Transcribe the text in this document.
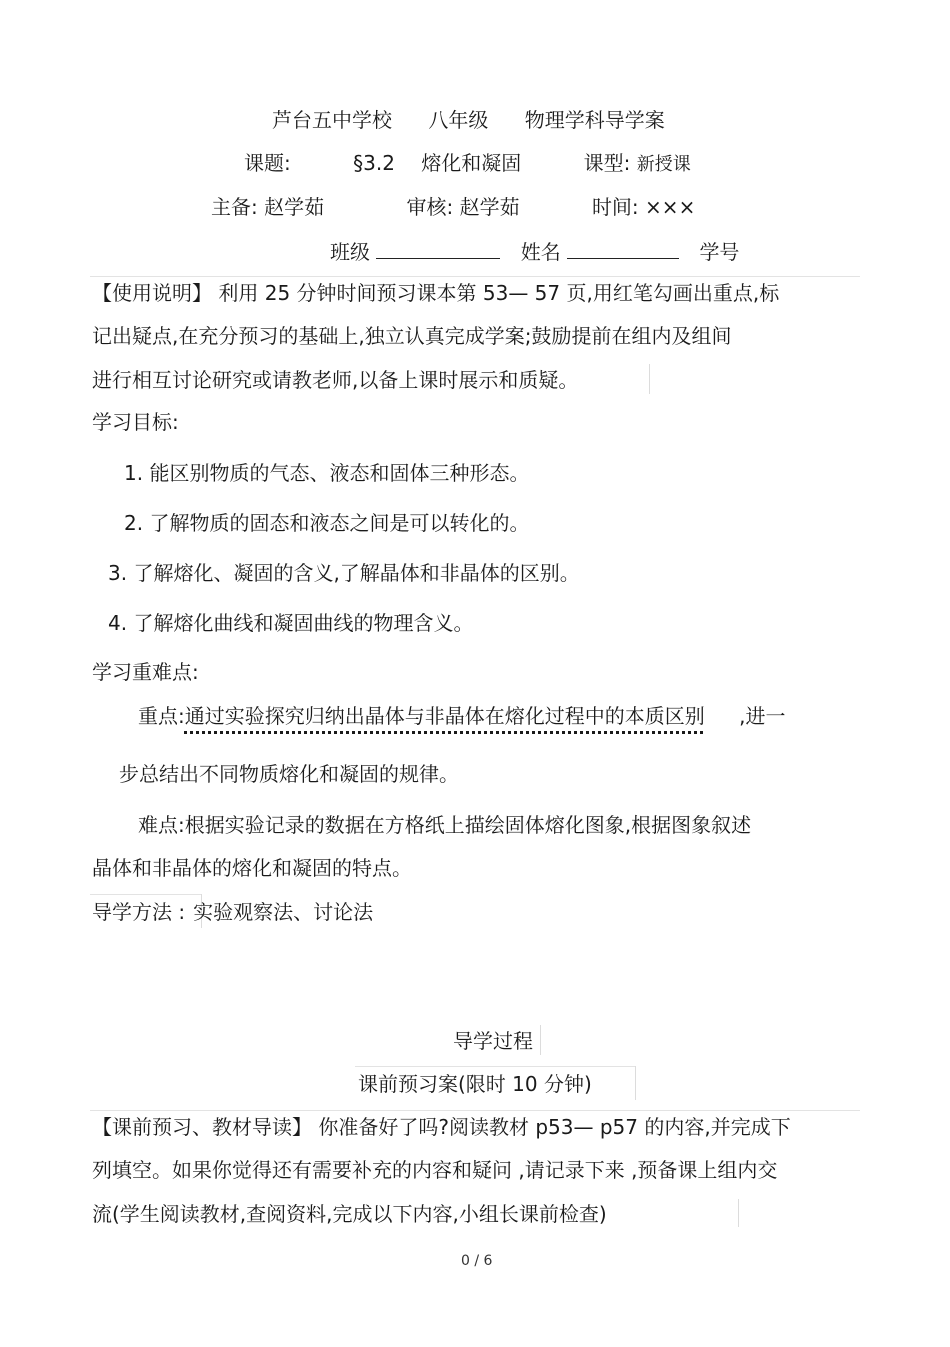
芦台五中学校 八年级 物理学科导学案
课题:	§3.2 熔化和凝固	课型: 新授课
主备: 赵学茹	审核: 赵学茹	时间: ×××
班级	姓名	学号
【使用说明】 利用 25 分钟时间预习课本第 53— 57 页,用红笔勾画出重点,标
记出疑点,在充分预习的基础上,独立认真完成学案;鼓励提前在组内及组间
进行相互讨论研究或请教老师,以备上课时展示和质疑。
学习目标:
1. 能区别物质的气态、液态和固体三种形态。
2. 了解物质的固态和液态之间是可以转化的。
3. 了解熔化、凝固的含义,了解晶体和非晶体的区别。
4. 了解熔化曲线和凝固曲线的物理含义。
学习重难点:
重点:通过实验探究归纳出晶体与非晶体在熔化过程中的本质区别 ,进一
步总结出不同物质熔化和凝固的规律。
难点:根据实验记录的数据在方格纸上描绘固体熔化图象,根据图象叙述
晶体和非晶体的熔化和凝固的特点。
导学方法 : 实验观察法、讨论法
导学过程
课前预习案(限时 10 分钟)
【课前预习、教材导读】 你准备好了吗?阅读教材 p53— p57 的内容,并完成下
列填空。如果你觉得还有需要补充的内容和疑问 ,请记录下来 ,预备课上组内交
流(学生阅读教材,查阅资料,完成以下内容,小组长课前检查)
0 / 6
